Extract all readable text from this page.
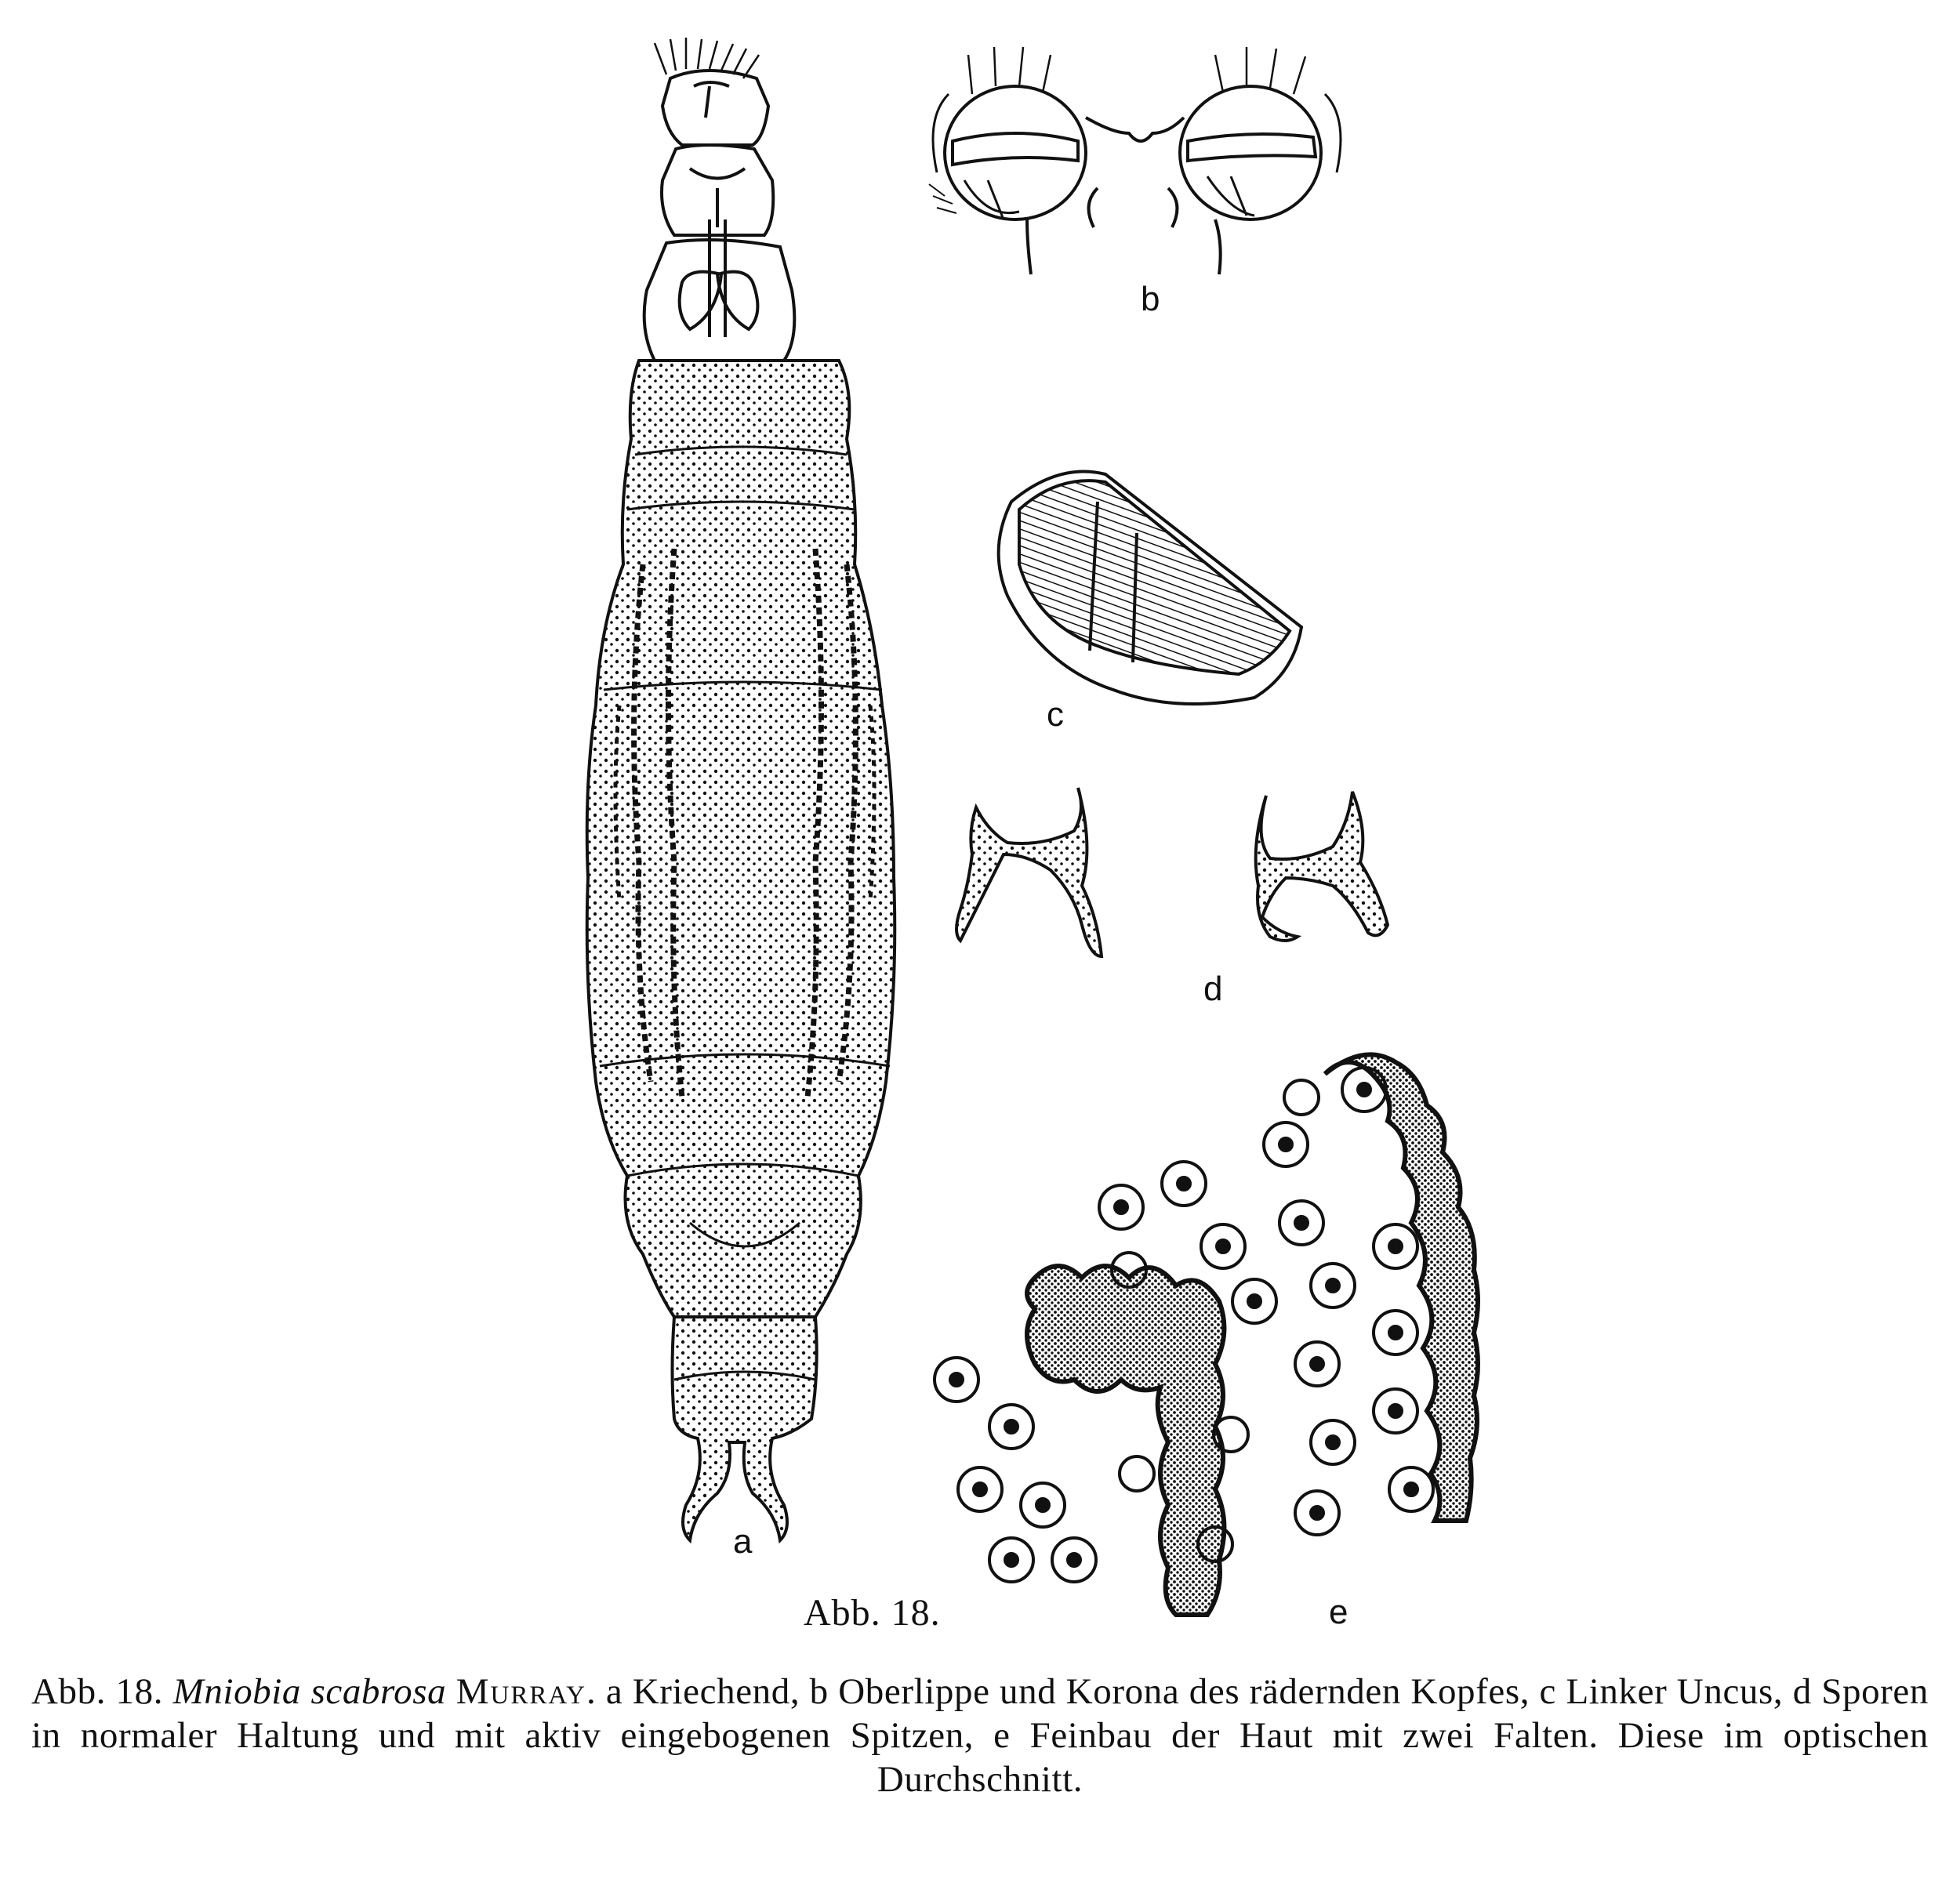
a
b
c
d
e
Abb. 18.
Abb. 18. Mniobia scabrosa Murray. a Kriechend, b Oberlippe und Korona des rädernden Kopfes, c Linker Uncus, d Sporen in normaler Haltung und mit aktiv eingebogenen Spitzen, e Feinbau der Haut mit zwei Falten. Diese im optischen Durchschnitt.
